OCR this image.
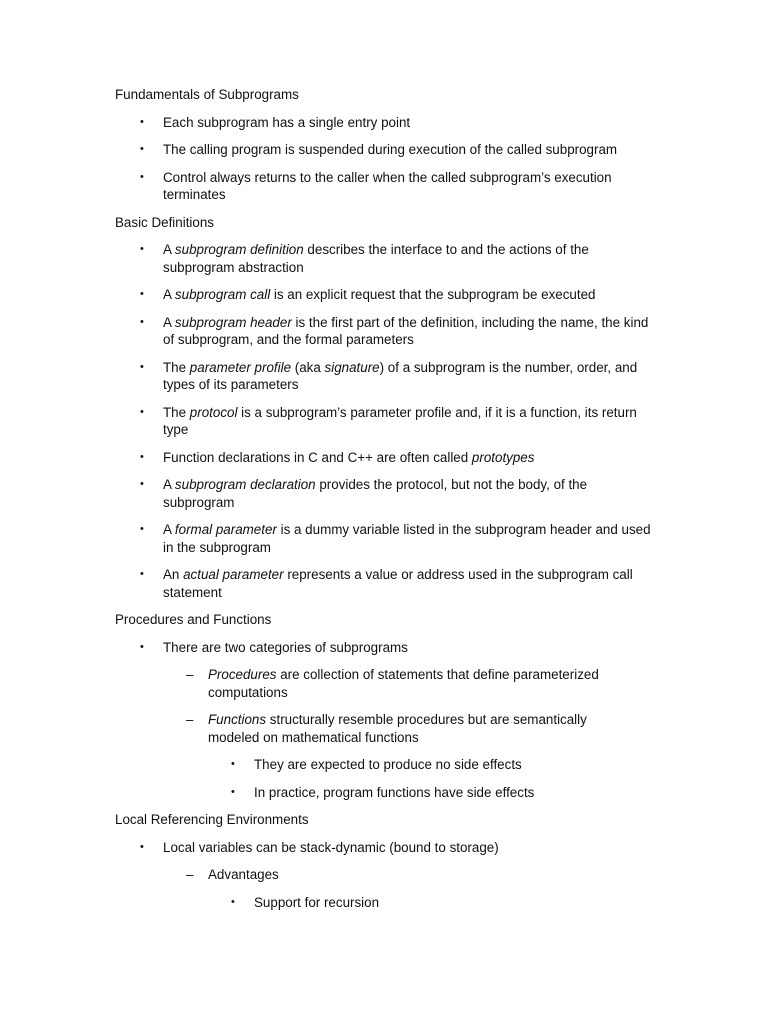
Fundamentals of Subprograms
• Each subprogram has a single entry point
• The calling program is suspended during execution of the called subprogram
• Control always returns to the caller when the called subprogram’s execution terminates
Basic Definitions
• A subprogram definition describes the interface to and the actions of the subprogram abstraction
• A subprogram call is an explicit request that the subprogram be executed
• A subprogram header is the first part of the definition, including the name, the kind of subprogram, and the formal parameters
• The parameter profile (aka signature) of a subprogram is the number, order, and types of its parameters
• The protocol is a subprogram’s parameter profile and, if it is a function, its return type
• Function declarations in C and C++ are often called prototypes
• A subprogram declaration provides the protocol, but not the body, of the subprogram
• A formal parameter is a dummy variable listed in the subprogram header and used in the subprogram
• An actual parameter represents a value or address used in the subprogram call statement
Procedures and Functions
• There are two categories of subprograms
– Procedures are collection of statements that define parameterized computations
– Functions structurally resemble procedures but are semantically modeled on mathematical functions
• They are expected to produce no side effects
• In practice, program functions have side effects
Local Referencing Environments
• Local variables can be stack-dynamic (bound to storage)
– Advantages
• Support for recursion
